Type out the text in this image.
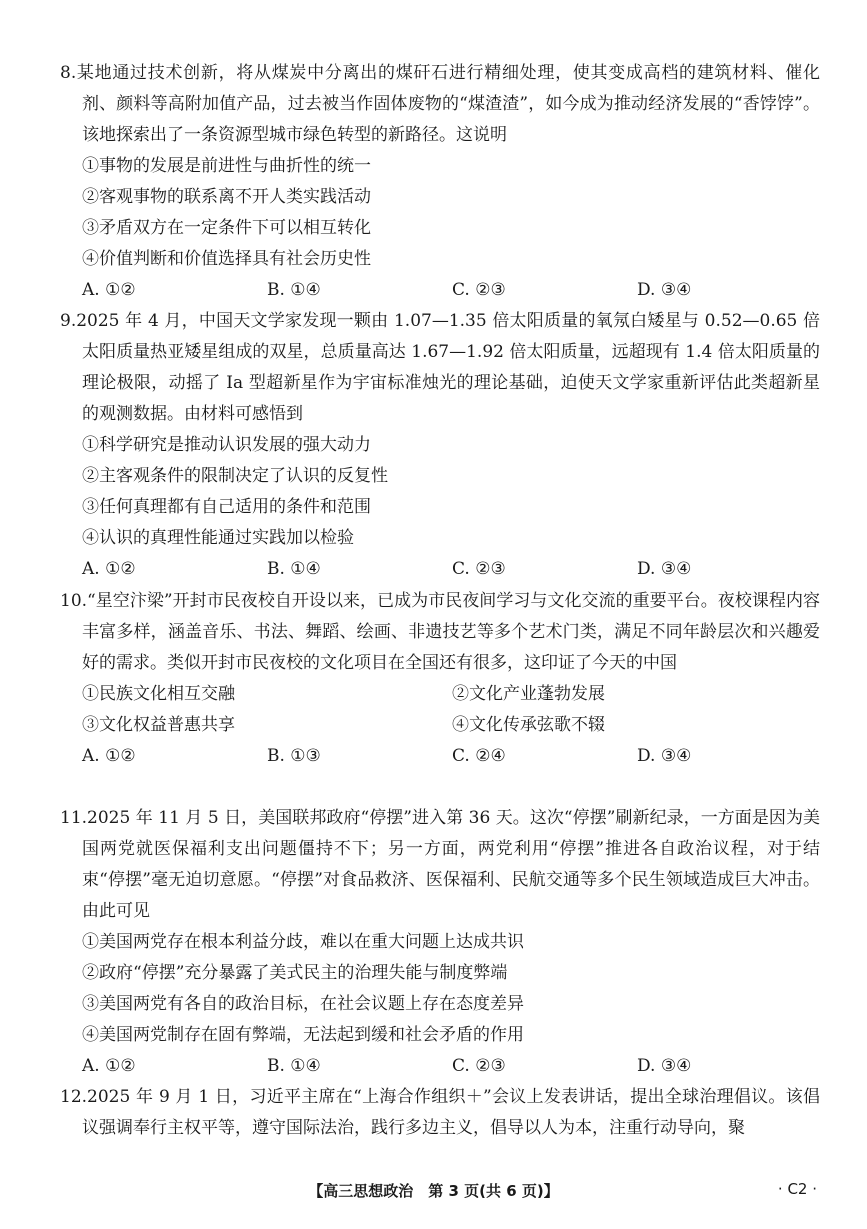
8.某地通过技术创新，将从煤炭中分离出的煤矸石进行精细处理，使其变成高档的建筑材料、催化剂、颜料等高附加值产品，过去被当作固体废物的“煤渣渣”，如今成为推动经济发展的“香饽饽”。该地探索出了一条资源型城市绿色转型的新路径。这说明

①事物的发展是前进性与曲折性的统一

②客观事物的联系离不开人类实践活动

③矛盾双方在一定条件下可以相互转化

④价值判断和价值选择具有社会历史性

A. ①②	B. ①④	C. ②③	D. ③④

9.2025 年 4 月，中国天文学家发现一颗由 1.07—1.35 倍太阳质量的氧氖白矮星与 0.52—0.65 倍太阳质量热亚矮星组成的双星，总质量高达 1.67—1.92 倍太阳质量，远超现有 1.4 倍太阳质量的理论极限，动摇了 Ia 型超新星作为宇宙标准烛光的理论基础，迫使天文学家重新评估此类超新星的观测数据。由材料可感悟到

①科学研究是推动认识发展的强大动力

②主客观条件的限制决定了认识的反复性

③任何真理都有自己适用的条件和范围

④认识的真理性能通过实践加以检验

A. ①②	B. ①④	C. ②③	D. ③④

10.“星空汴梁”开封市民夜校自开设以来，已成为市民夜间学习与文化交流的重要平台。夜校课程内容丰富多样，涵盖音乐、书法、舞蹈、绘画、非遗技艺等多个艺术门类，满足不同年龄层次和兴趣爱好的需求。类似开封市民夜校的文化项目在全国还有很多，这印证了今天的中国

①民族文化相互交融	②文化产业蓬勃发展
③文化权益普惠共享	④文化传承弦歌不辍
A. ①②	B. ①③	C. ②④	D. ③④

11.2025 年 11 月 5 日，美国联邦政府“停摆”进入第 36 天。这次“停摆”刷新纪录，一方面是因为美国两党就医保福利支出问题僵持不下；另一方面，两党利用“停摆”推进各自政治议程，对于结束“停摆”毫无迫切意愿。“停摆”对食品救济、医保福利、民航交通等多个民生领域造成巨大冲击。由此可见

①美国两党存在根本利益分歧，难以在重大问题上达成共识

②政府“停摆”充分暴露了美式民主的治理失能与制度弊端

③美国两党有各自的政治目标，在社会议题上存在态度差异

④美国两党制存在固有弊端，无法起到缓和社会矛盾的作用

A. ①②	B. ①④	C. ②③	D. ③④

12.2025 年 9 月 1 日，习近平主席在“上海合作组织＋”会议上发表讲话，提出全球治理倡议。该倡议强调奉行主权平等，遵守国际法治，践行多边主义，倡导以人为本，注重行动导向，聚

【高三思想政治　第 3 页(共 6 页)】	· C2 ·
